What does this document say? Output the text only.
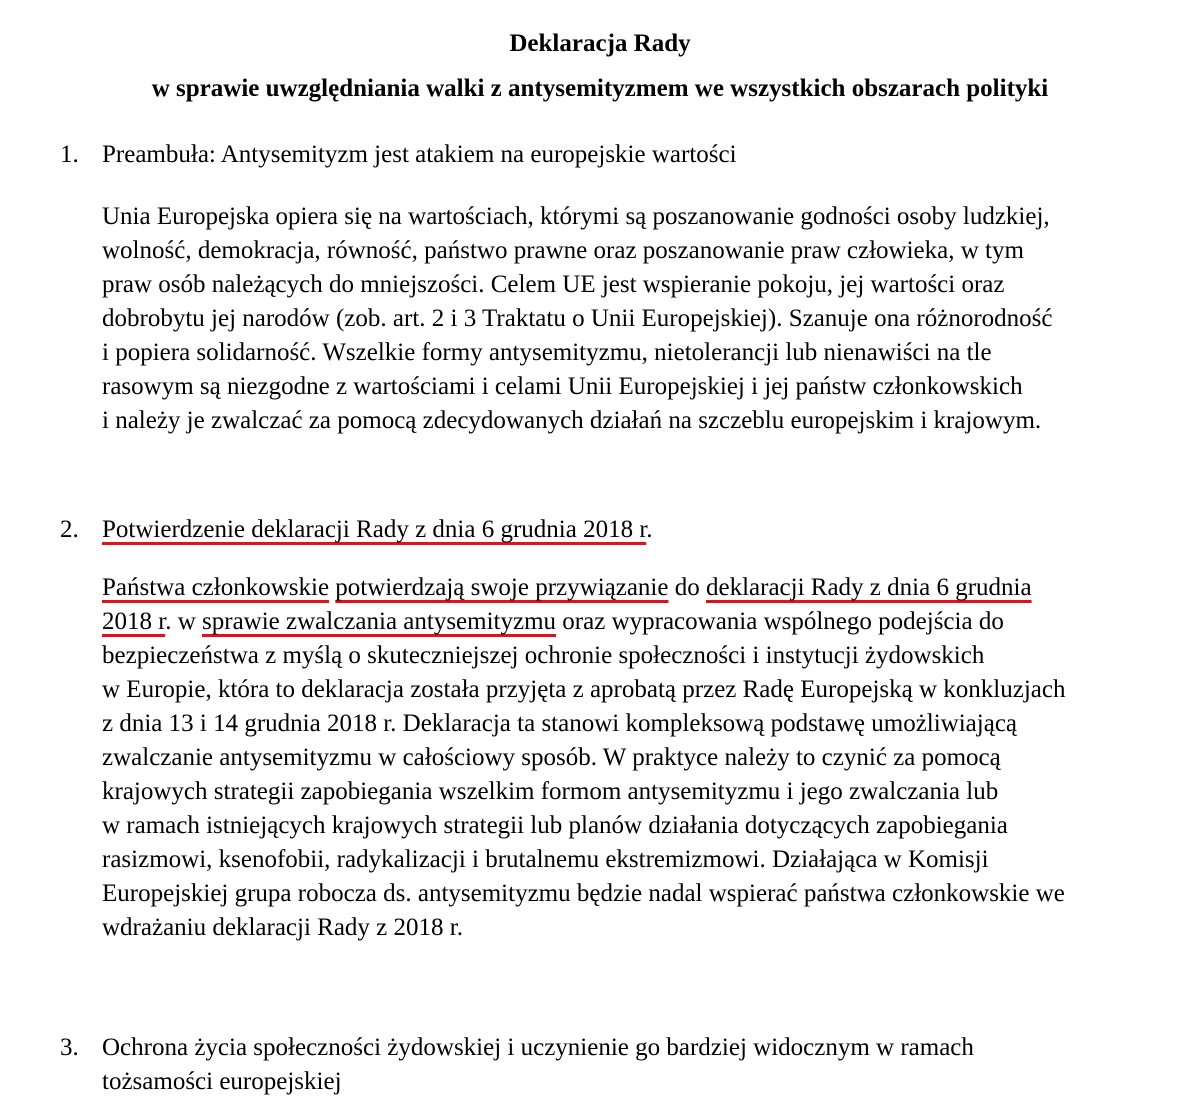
Deklaracja Rady
w sprawie uwzględniania walki z antysemityzmem we wszystkich obszarach polityki
1. Preambuła: Antysemityzm jest atakiem na europejskie wartości
Unia Europejska opiera się na wartościach, którymi są poszanowanie godności osoby ludzkiej,
wolność, demokracja, równość, państwo prawne oraz poszanowanie praw człowieka, w tym
praw osób należących do mniejszości. Celem UE jest wspieranie pokoju, jej wartości oraz
dobrobytu jej narodów (zob. art. 2 i 3 Traktatu o Unii Europejskiej). Szanuje ona różnorodność
i popiera solidarność. Wszelkie formy antysemityzmu, nietolerancji lub nienawiści na tle
rasowym są niezgodne z wartościami i celami Unii Europejskiej i jej państw członkowskich
i należy je zwalczać za pomocą zdecydowanych działań na szczeblu europejskim i krajowym.
2. Potwierdzenie deklaracji Rady z dnia 6 grudnia 2018 r.
Państwa członkowskie potwierdzają swoje przywiązanie do deklaracji Rady z dnia 6 grudnia
2018 r. w sprawie zwalczania antysemityzmu oraz wypracowania wspólnego podejścia do
bezpieczeństwa z myślą o skuteczniejszej ochronie społeczności i instytucji żydowskich
w Europie, która to deklaracja została przyjęta z aprobatą przez Radę Europejską w konkluzjach
z dnia 13 i 14 grudnia 2018 r. Deklaracja ta stanowi kompleksową podstawę umożliwiającą
zwalczanie antysemityzmu w całościowy sposób. W praktyce należy to czynić za pomocą
krajowych strategii zapobiegania wszelkim formom antysemityzmu i jego zwalczania lub
w ramach istniejących krajowych strategii lub planów działania dotyczących zapobiegania
rasizmowi, ksenofobii, radykalizacji i brutalnemu ekstremizmowi. Działająca w Komisji
Europejskiej grupa robocza ds. antysemityzmu będzie nadal wspierać państwa członkowskie we
wdrażaniu deklaracji Rady z 2018 r.
3. Ochrona życia społeczności żydowskiej i uczynienie go bardziej widocznym w ramach
tożsamości europejskiej
